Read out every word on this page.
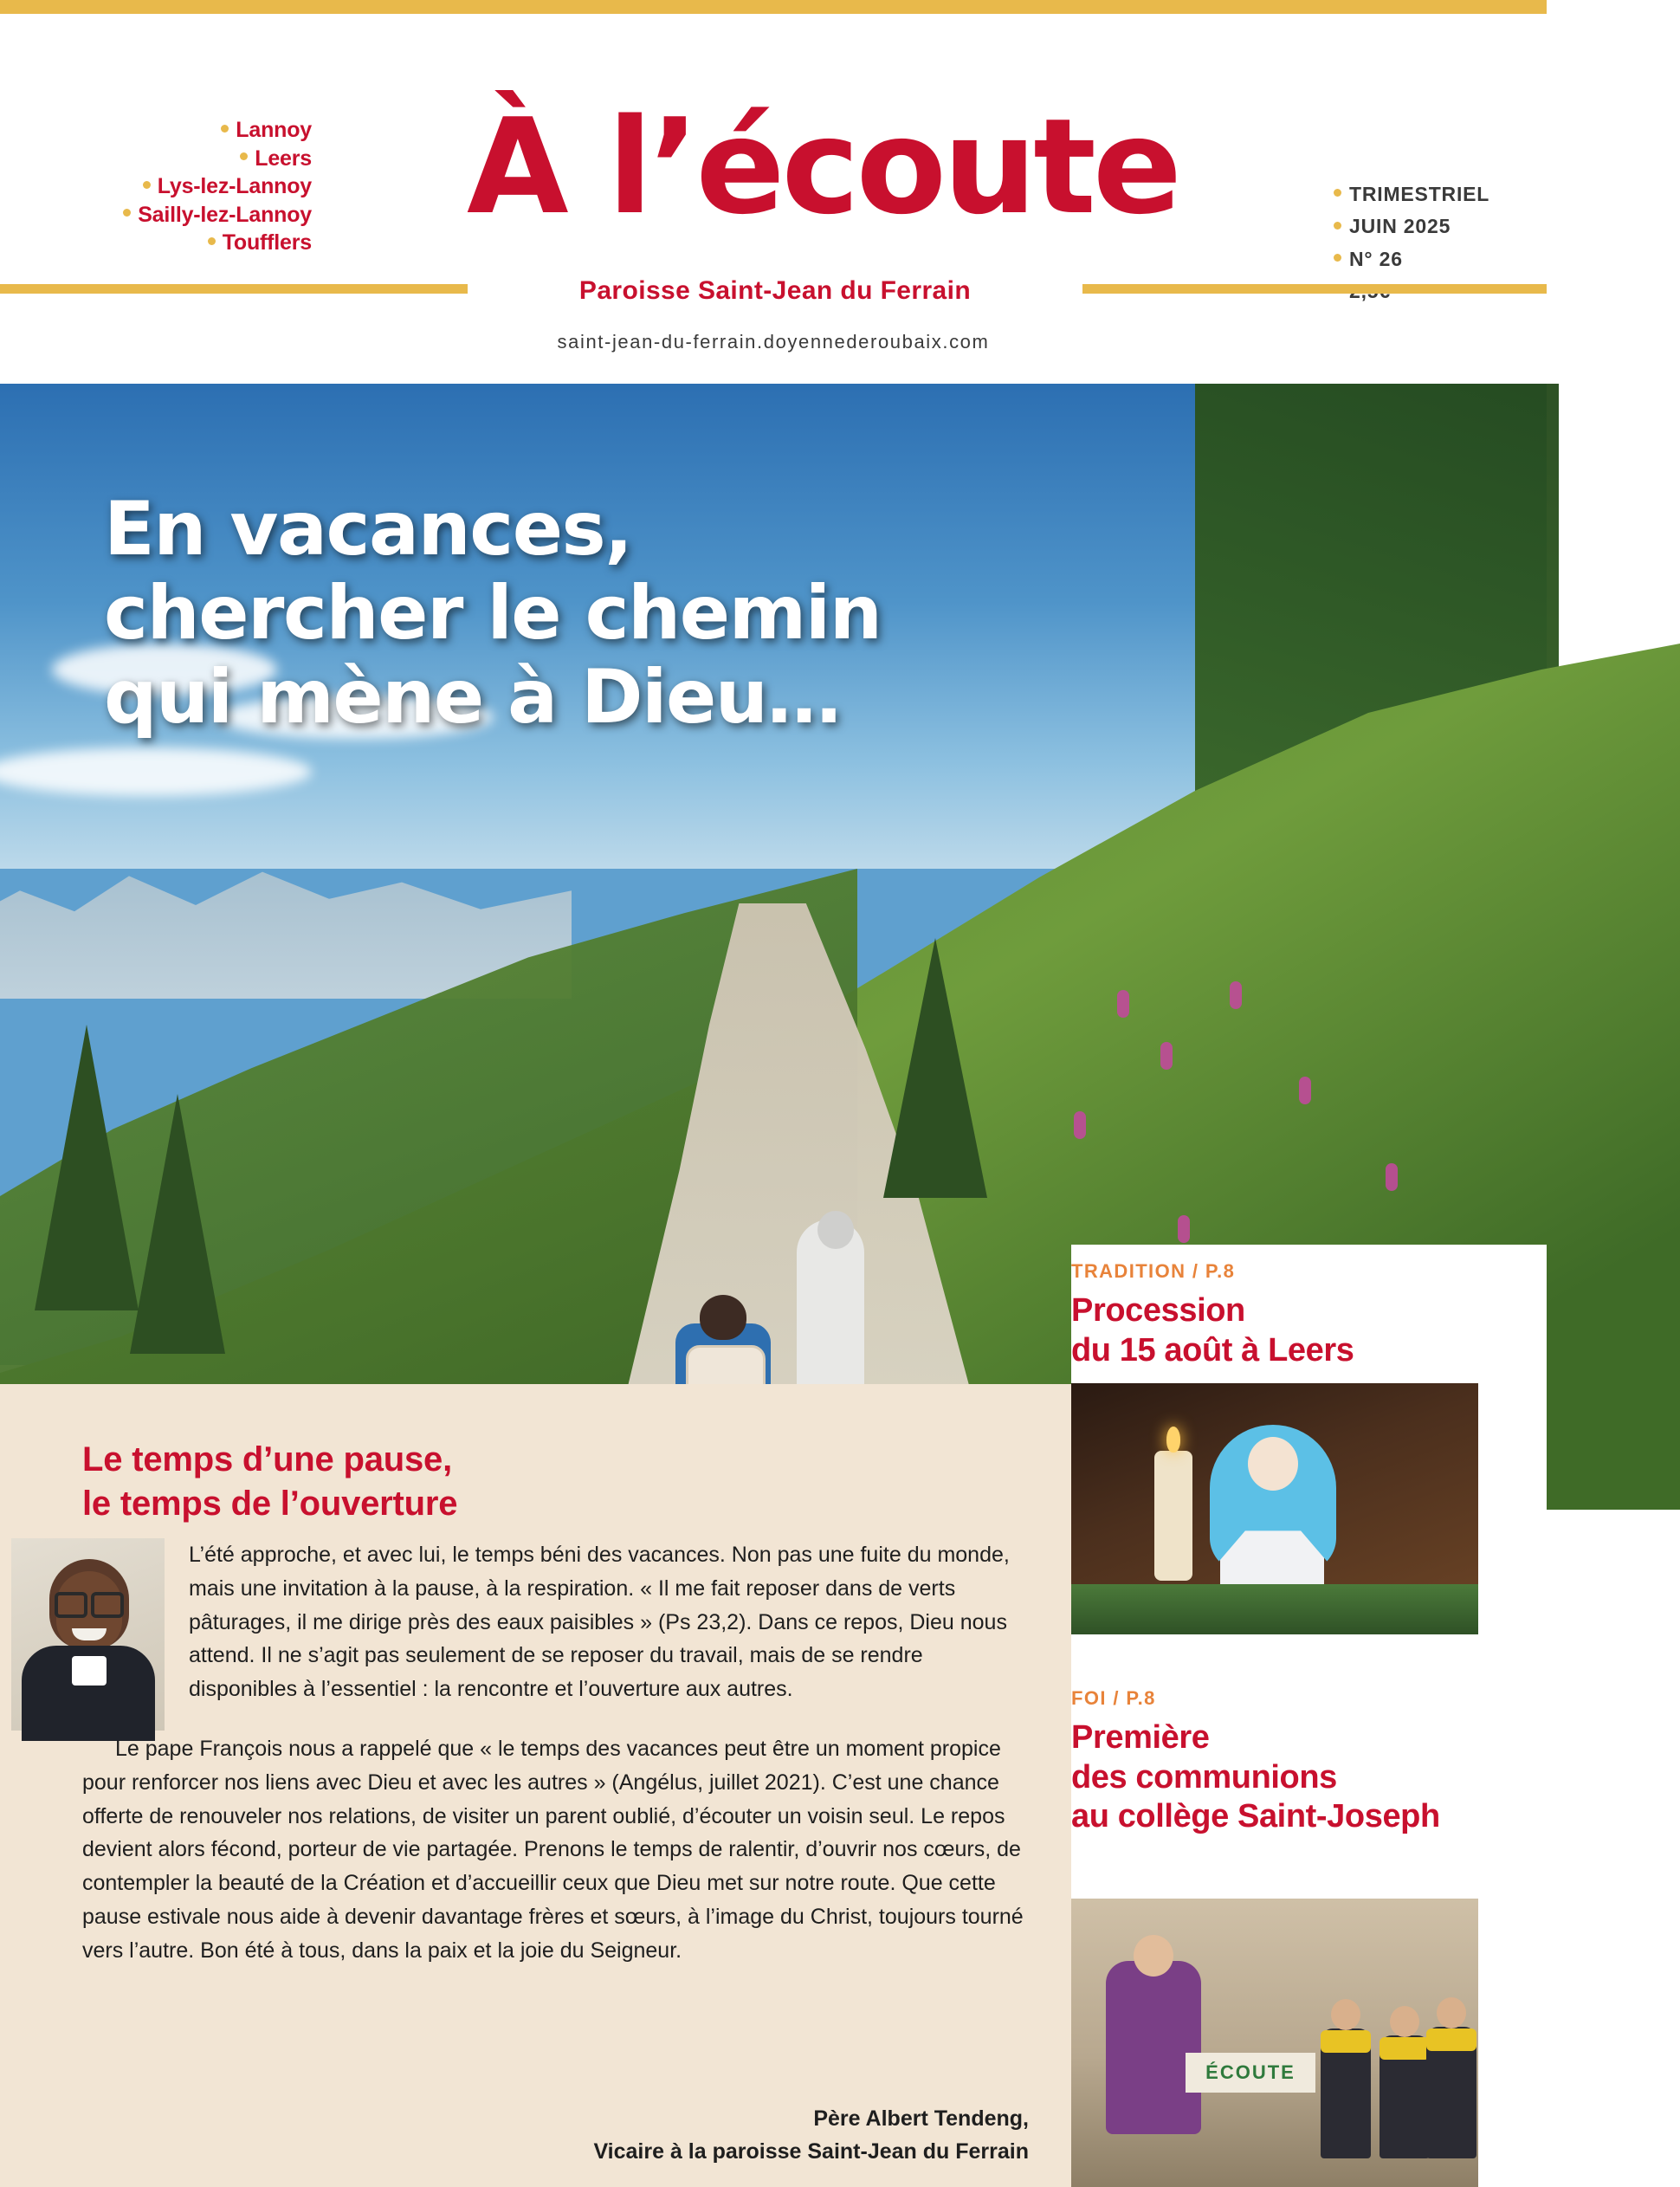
Lannoy
Leers
Lys-lez-Lannoy
Sailly-lez-Lannoy
Toufflers	À l’écoute	TRIMESTRIEL
JUIN 2025
N° 26
Paroisse Saint-Jean du Ferrain
saint-jean-du-ferrain.doyennederoubaix.com
En vacances,
chercher le chemin
qui mène à Dieu…
TRADITION / P.8
Procession
du 15 août à Leers
FOI / P.8
Première
des communions
au collège Saint-Joseph
ÉCOUTE
Le temps d’une pause,
le temps de l’ouverture
L’été approche, et avec lui, le temps béni des vacances. Non pas une fuite du monde, mais une invitation à la pause, à la respiration. « Il me fait reposer dans de verts pâturages, il me dirige près des eaux paisibles » (Ps 23,2). Dans ce repos, Dieu nous attend. Il ne s’agit pas seulement de se reposer du travail, mais de se rendre disponibles à l’essentiel : la rencontre et l’ouverture aux autres.
Le pape François nous a rappelé que « le temps des vacances peut être un moment propice pour renforcer nos liens avec Dieu et avec les autres » (Angélus, juillet 2021). C’est une chance offerte de renouveler nos relations, de visiter un parent oublié, d’écouter un voisin seul. Le repos devient alors fécond, porteur de vie partagée. Prenons le temps de ralentir, d’ouvrir nos cœurs, de contempler la beauté de la Création et d’accueillir ceux que Dieu met sur notre route. Que cette pause estivale nous aide à devenir davantage frères et sœurs, à l’image du Christ, toujours tourné vers l’autre. Bon été à tous, dans la paix et la joie du Seigneur.
Père Albert Tendeng,
Vicaire à la paroisse Saint-Jean du Ferrain
